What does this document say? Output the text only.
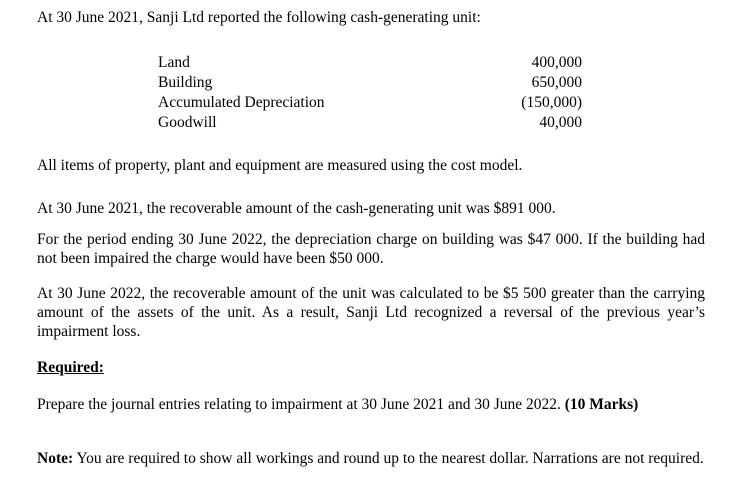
At 30 June 2021, Sanji Ltd reported the following cash-generating unit:

Land	400,000
Building	650,000
Accumulated Depreciation	(150,000)
Goodwill	40,000

All items of property, plant and equipment are measured using the cost model.

At 30 June 2021, the recoverable amount of the cash-generating unit was $891 000.

For the period ending 30 June 2022, the depreciation charge on building was $47 000. If the building had not been impaired the charge would have been $50 000.

At 30 June 2022, the recoverable amount of the unit was calculated to be $5 500 greater than the carrying amount of the assets of the unit. As a result, Sanji Ltd recognized a reversal of the previous year’s impairment loss.

Required:

Prepare the journal entries relating to impairment at 30 June 2021 and 30 June 2022. (10 Marks)

Note: You are required to show all workings and round up to the nearest dollar. Narrations are not required.
